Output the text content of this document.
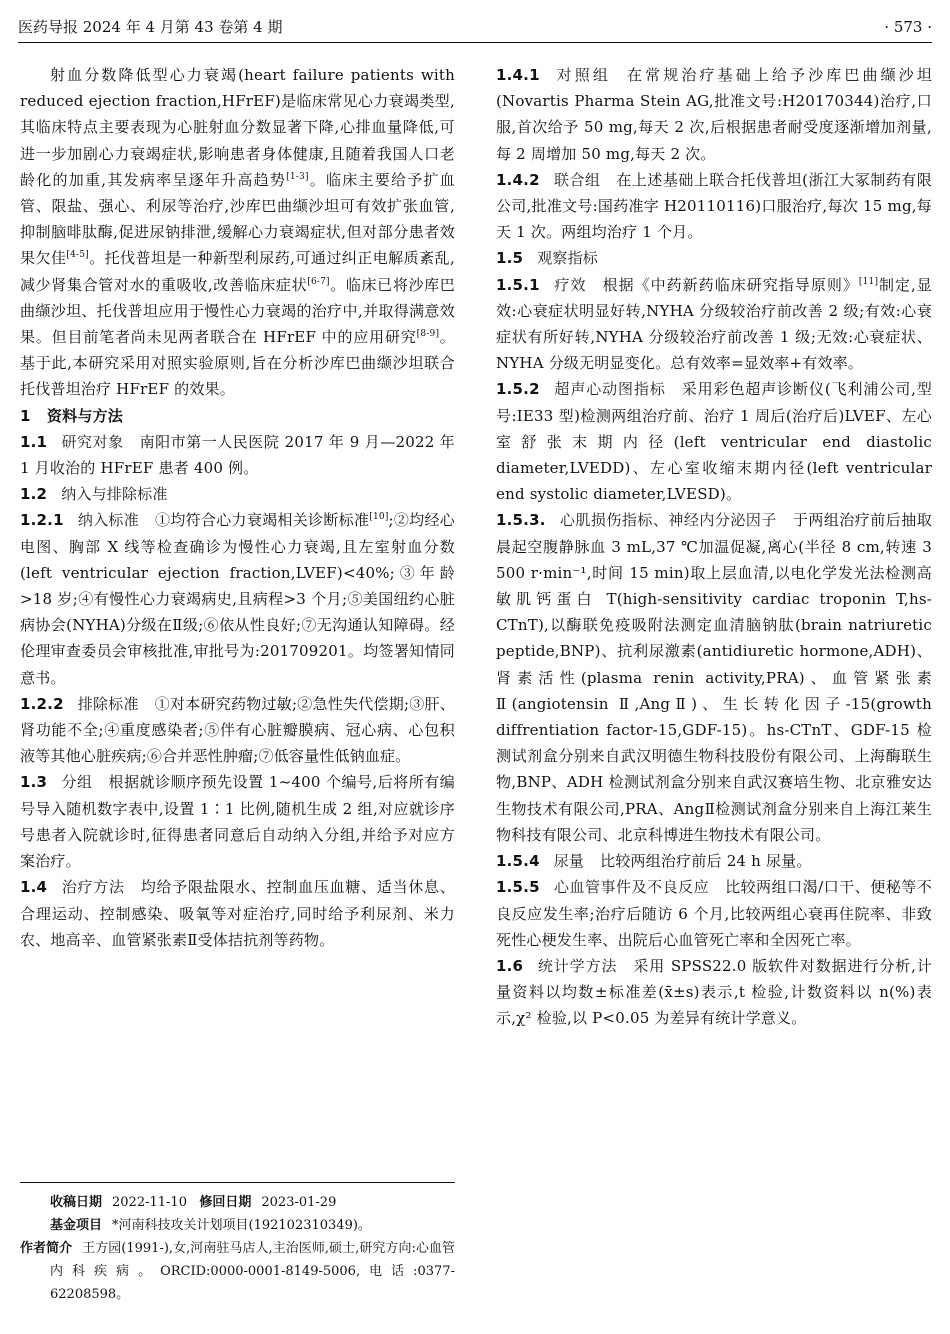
医药导报 2024 年 4 月第 43 卷第 4 期	· 573 ·

射血分数降低型心力衰竭(heart failure patients with reduced ejection fraction,HFrEF)是临床常见心力衰竭类型,其临床特点主要表现为心脏射血分数显著下降,心排血量降低,可进一步加剧心力衰竭症状,影响患者身体健康,且随着我国人口老龄化的加重,其发病率呈逐年升高趋势[1-3]。临床主要给予扩血管、限盐、强心、利尿等治疗,沙库巴曲缬沙坦可有效扩张血管,抑制脑啡肽酶,促进尿钠排泄,缓解心力衰竭症状,但对部分患者效果欠佳[4-5]。托伐普坦是一种新型利尿药,可通过纠正电解质紊乱,减少肾集合管对水的重吸收,改善临床症状[6-7]。临床已将沙库巴曲缬沙坦、托伐普坦应用于慢性心力衰竭的治疗中,并取得满意效果。但目前笔者尚未见两者联合在 HFrEF 中的应用研究[8-9]。基于此,本研究采用对照实验原则,旨在分析沙库巴曲缬沙坦联合托伐普坦治疗 HFrEF 的效果。

1 资料与方法

1.1 研究对象 南阳市第一人民医院 2017 年 9 月—2022 年 1 月收治的 HFrEF 患者 400 例。

1.2 纳入与排除标准

1.2.1 纳入标准 ①均符合心力衰竭相关诊断标准[10];②均经心电图、胸部 X 线等检查确诊为慢性心力衰竭,且左室射血分数(left ventricular ejection fraction,LVEF)<40%;③年龄>18 岁;④有慢性心力衰竭病史,且病程>3 个月;⑤美国纽约心脏病协会(NYHA)分级在Ⅱ级;⑥依从性良好;⑦无沟通认知障碍。经伦理审查委员会审核批准,审批号为:201709201。均签署知情同意书。

1.2.2 排除标准 ①对本研究药物过敏;②急性失代偿期;③肝、肾功能不全;④重度感染者;⑤伴有心脏瓣膜病、冠心病、心包积液等其他心脏疾病;⑥合并恶性肿瘤;⑦低容量性低钠血症。

1.3 分组 根据就诊顺序预先设置 1~400 个编号,后将所有编号导入随机数字表中,设置 1∶1 比例,随机生成 2 组,对应就诊序号患者入院就诊时,征得患者同意后自动纳入分组,并给予对应方案治疗。

1.4 治疗方法 均给予限盐限水、控制血压血糖、适当休息、合理运动、控制感染、吸氧等对症治疗,同时给予利尿剂、米力农、地高辛、血管紧张素Ⅱ受体拮抗剂等药物。

收稿日期 2022-11-10 修回日期 2023-01-29

基金项目 *河南科技攻关计划项目(192102310349)。

作者简介 王方园(1991-),女,河南驻马店人,主治医师,硕士,研究方向:心血管内科疾病。ORCID:0000-0001-8149-5006,电话:0377-62208598。

1.4.1 对照组 在常规治疗基础上给予沙库巴曲缬沙坦(Novartis Pharma Stein AG,批准文号:H20170344)治疗,口服,首次给予 50 mg,每天 2 次,后根据患者耐受度逐渐增加剂量,每 2 周增加 50 mg,每天 2 次。

1.4.2 联合组 在上述基础上联合托伐普坦(浙江大冢制药有限公司,批准文号:国药准字 H20110116)口服治疗,每次 15 mg,每天 1 次。两组均治疗 1 个月。

1.5 观察指标

1.5.1 疗效 根据《中药新药临床研究指导原则》[11]制定,显效:心衰症状明显好转,NYHA 分级较治疗前改善 2 级;有效:心衰症状有所好转,NYHA 分级较治疗前改善 1 级;无效:心衰症状、NYHA 分级无明显变化。总有效率=显效率+有效率。

1.5.2 超声心动图指标 采用彩色超声诊断仪(飞利浦公司,型号:IE33 型)检测两组治疗前、治疗 1 周后(治疗后)LVEF、左心室舒张末期内径(left ventricular end diastolic diameter,LVEDD)、左心室收缩末期内径(left ventricular end systolic diameter,LVESD)。

1.5.3. 心肌损伤指标、神经内分泌因子 于两组治疗前后抽取晨起空腹静脉血 3 mL,37 ℃加温促凝,离心(半径 8 cm,转速 3 500 r·min⁻¹,时间 15 min)取上层血清,以电化学发光法检测高敏肌钙蛋白 T(high-sensitivity cardiac troponin T,hs-CTnT),以酶联免疫吸附法测定血清脑钠肽(brain natriuretic peptide,BNP)、抗利尿激素(antidiuretic hormone,ADH)、肾素活性(plasma renin activity,PRA)、血管紧张素Ⅱ(angiotensin Ⅱ,AngⅡ)、生长转化因子-15(growth diffrentiation factor-15,GDF-15)。hs-CTnT、GDF-15 检测试剂盒分别来自武汉明德生物科技股份有限公司、上海酶联生物,BNP、ADH 检测试剂盒分别来自武汉赛培生物、北京雅安达生物技术有限公司,PRA、AngⅡ检测试剂盒分别来自上海江莱生物科技有限公司、北京科博进生物技术有限公司。

1.5.4 尿量 比较两组治疗前后 24 h 尿量。

1.5.5 心血管事件及不良反应 比较两组口渴/口干、便秘等不良反应发生率;治疗后随访 6 个月,比较两组心衰再住院率、非致死性心梗发生率、出院后心血管死亡率和全因死亡率。

1.6 统计学方法 采用 SPSS22.0 版软件对数据进行分析,计量资料以均数±标准差(x̄±s)表示,t 检验,计数资料以 n(%)表示,χ² 检验,以 P<0.05 为差异有统计学意义。
